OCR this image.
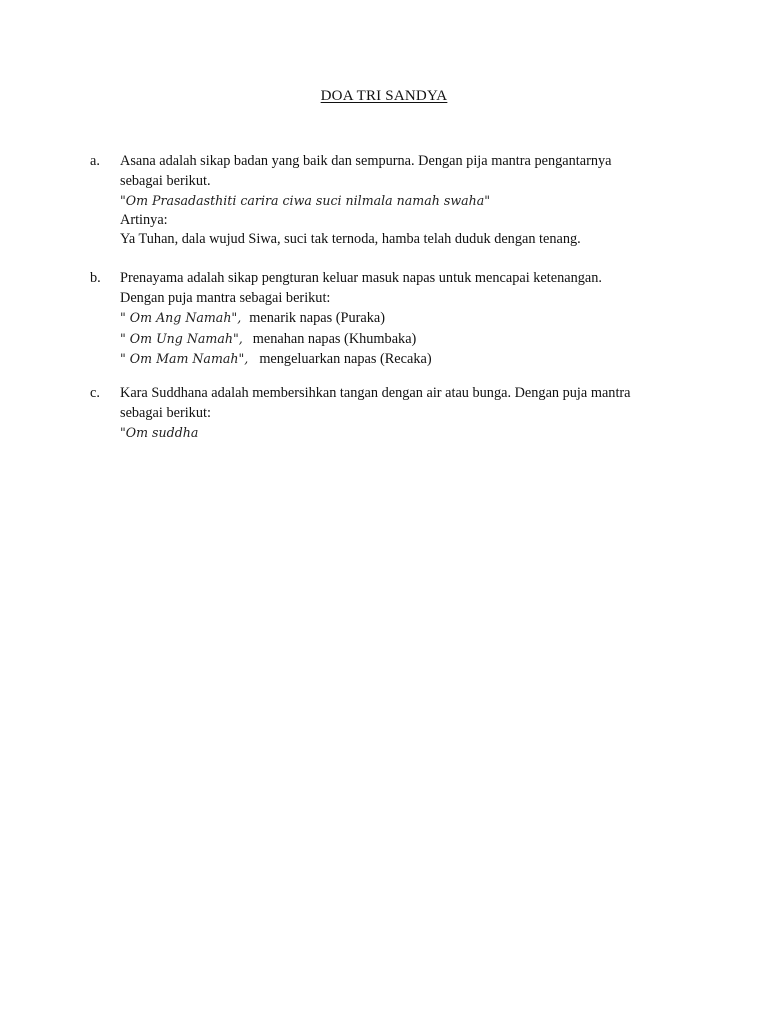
DOA TRI SANDYA
a. Asana adalah sikap badan yang baik dan sempurna. Dengan pija mantra pengantarnya
sebagai berikut.
"Om Prasadasthiti carira ciwa suci nilmala namah swaha"
Artinya:
Ya Tuhan, dala wujud Siwa, suci tak ternoda, hamba telah duduk dengan tenang.
b. Prenayama adalah sikap pengturan keluar masuk napas untuk mencapai ketenangan.
Dengan puja mantra sebagai berikut:
" Om Ang Namah", menarik napas (Puraka)
" Om Ung Namah", menahan napas (Khumbaka)
" Om Mam Namah", mengeluarkan napas (Recaka)
c. Kara Suddhana adalah membersihkan tangan dengan air atau bunga. Dengan puja mantra
sebagai berikut:
"Om suddha
